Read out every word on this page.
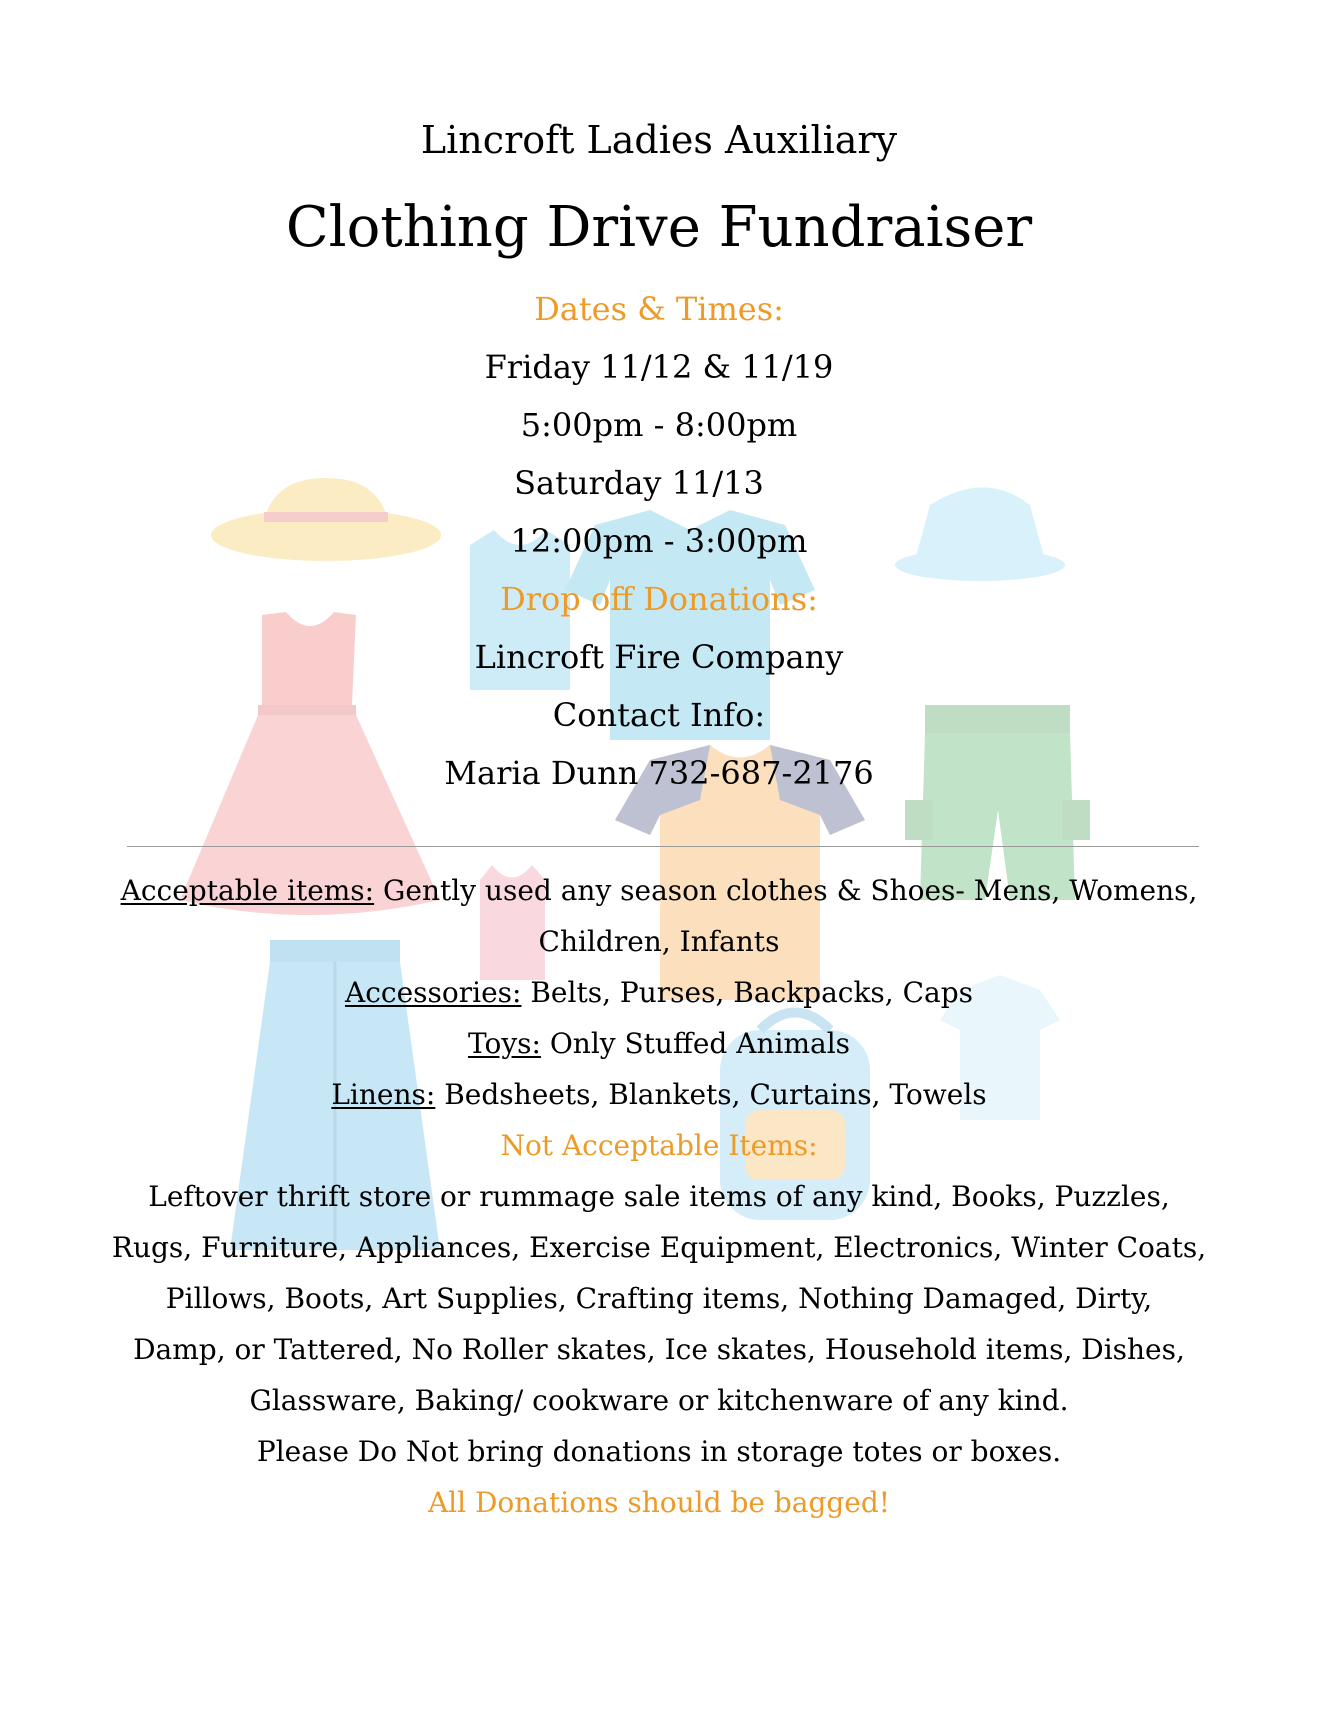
Lincroft Ladies Auxiliary
Clothing Drive Fundraiser
Dates & Times:
Friday 11/12 & 11/19
5:00pm - 8:00pm
Saturday 11/13
12:00pm - 3:00pm
Drop off Donations:
Lincroft Fire Company
Contact Info:
Maria Dunn 732-687-2176
Acceptable items: Gently used any season clothes & Shoes- Mens, Womens,
Children, Infants
Accessories: Belts, Purses, Backpacks, Caps
Toys: Only Stuffed Animals
Linens: Bedsheets, Blankets, Curtains, Towels
Not Acceptable Items:
Leftover thrift store or rummage sale items of any kind, Books, Puzzles,
Rugs, Furniture, Appliances, Exercise Equipment, Electronics, Winter Coats,
Pillows, Boots, Art Supplies, Crafting items, Nothing Damaged, Dirty,
Damp, or Tattered, No Roller skates, Ice skates, Household items, Dishes,
Glassware, Baking/ cookware or kitchenware of any kind.
Please Do Not bring donations in storage totes or boxes.
All Donations should be bagged!
